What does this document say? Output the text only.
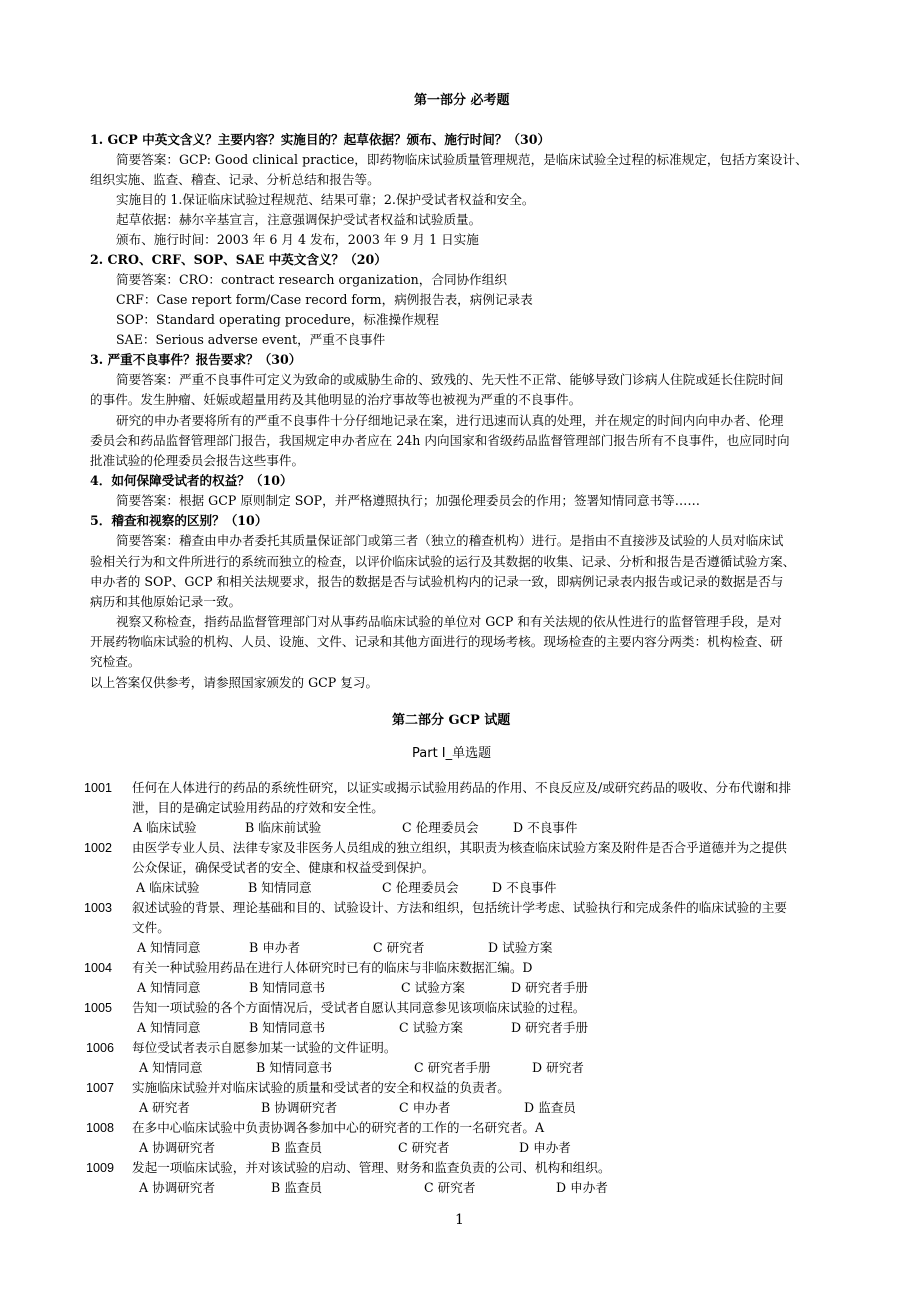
第一部分 必考题
1. GCP 中英文含义？主要内容？实施目的？起草依据？颁布、施行时间？（30）
简要答案：GCP: Good clinical practice，即药物临床试验质量管理规范，是临床试验全过程的标准规定，包括方案设计、
组织实施、监查、稽查、记录、分析总结和报告等。
实施目的 1.保证临床试验过程规范、结果可靠；2.保护受试者权益和安全。
起草依据：赫尔辛基宣言，注意强调保护受试者权益和试验质量。
颁布、施行时间：2003 年 6 月 4 发布，2003 年 9 月 1 日实施
2. CRO、CRF、SOP、SAE 中英文含义？（20）
简要答案：CRO：contract research organization，合同协作组织
CRF：Case report form/Case record form，病例报告表，病例记录表
SOP：Standard operating procedure，标准操作规程
SAE：Serious adverse event，严重不良事件
3. 严重不良事件？报告要求？（30）
简要答案：严重不良事件可定义为致命的或威胁生命的、致残的、先天性不正常、能够导致门诊病人住院或延长住院时间
的事件。发生肿瘤、妊娠或超量用药及其他明显的治疗事故等也被视为严重的不良事件。
研究的申办者要将所有的严重不良事件十分仔细地记录在案，进行迅速而认真的处理，并在规定的时间内向申办者、伦理
委员会和药品监督管理部门报告，我国规定申办者应在 24h 内向国家和省级药品监督管理部门报告所有不良事件，也应同时向
批准试验的伦理委员会报告这些事件。
4．如何保障受试者的权益？（10）
简要答案：根据 GCP 原则制定 SOP，并严格遵照执行；加强伦理委员会的作用；签署知情同意书等……
5．稽查和视察的区别？（10）
简要答案：稽查由申办者委托其质量保证部门或第三者（独立的稽查机构）进行。是指由不直接涉及试验的人员对临床试
验相关行为和文件所进行的系统而独立的检查，以评价临床试验的运行及其数据的收集、记录、分析和报告是否遵循试验方案、
申办者的 SOP、GCP 和相关法规要求，报告的数据是否与试验机构内的记录一致，即病例记录表内报告或记录的数据是否与
病历和其他原始记录一致。
视察又称检查，指药品监督管理部门对从事药品临床试验的单位对 GCP 和有关法规的依从性进行的监督管理手段，是对
开展药物临床试验的机构、人员、设施、文件、记录和其他方面进行的现场考核。现场检查的主要内容分两类：机构检查、研
究检查。
以上答案仅供参考，请参照国家颁发的 GCP 复习。
第二部分 GCP 试题
Part I_单选题
1001 任何在人体进行的药品的系统性研究，以证实或揭示试验用药品的作用、不良反应及/或研究药品的吸收、分布代谢和排
泄，目的是确定试验用药品的疗效和安全性。
A 临床试验	B 临床前试验	C 伦理委员会	D 不良事件
1002 由医学专业人员、法律专家及非医务人员组成的独立组织，其职责为核查临床试验方案及附件是否合乎道德并为之提供
公众保证，确保受试者的安全、健康和权益受到保护。
A 临床试验	B 知情同意	C 伦理委员会	D 不良事件
1003 叙述试验的背景、理论基础和目的、试验设计、方法和组织，包括统计学考虑、试验执行和完成条件的临床试验的主要
文件。
A 知情同意	B 申办者	C 研究者	D 试验方案
1004 有关一种试验用药品在进行人体研究时已有的临床与非临床数据汇编。D
A 知情同意	B 知情同意书	C 试验方案	D 研究者手册
1005 告知一项试验的各个方面情况后，受试者自愿认其同意参见该项临床试验的过程。
A 知情同意	B 知情同意书	C 试验方案	D 研究者手册
1006 每位受试者表示自愿参加某一试验的文件证明。
A 知情同意	B 知情同意书	C 研究者手册	D 研究者
1007 实施临床试验并对临床试验的质量和受试者的安全和权益的负责者。
A 研究者	B 协调研究者	C 申办者	D 监查员
1008 在多中心临床试验中负责协调各参加中心的研究者的工作的一名研究者。A
A 协调研究者	B 监查员	C 研究者	D 申办者
1009 发起一项临床试验，并对该试验的启动、管理、财务和监查负责的公司、机构和组织。
A 协调研究者	B 监查员	C 研究者	D 申办者
1
